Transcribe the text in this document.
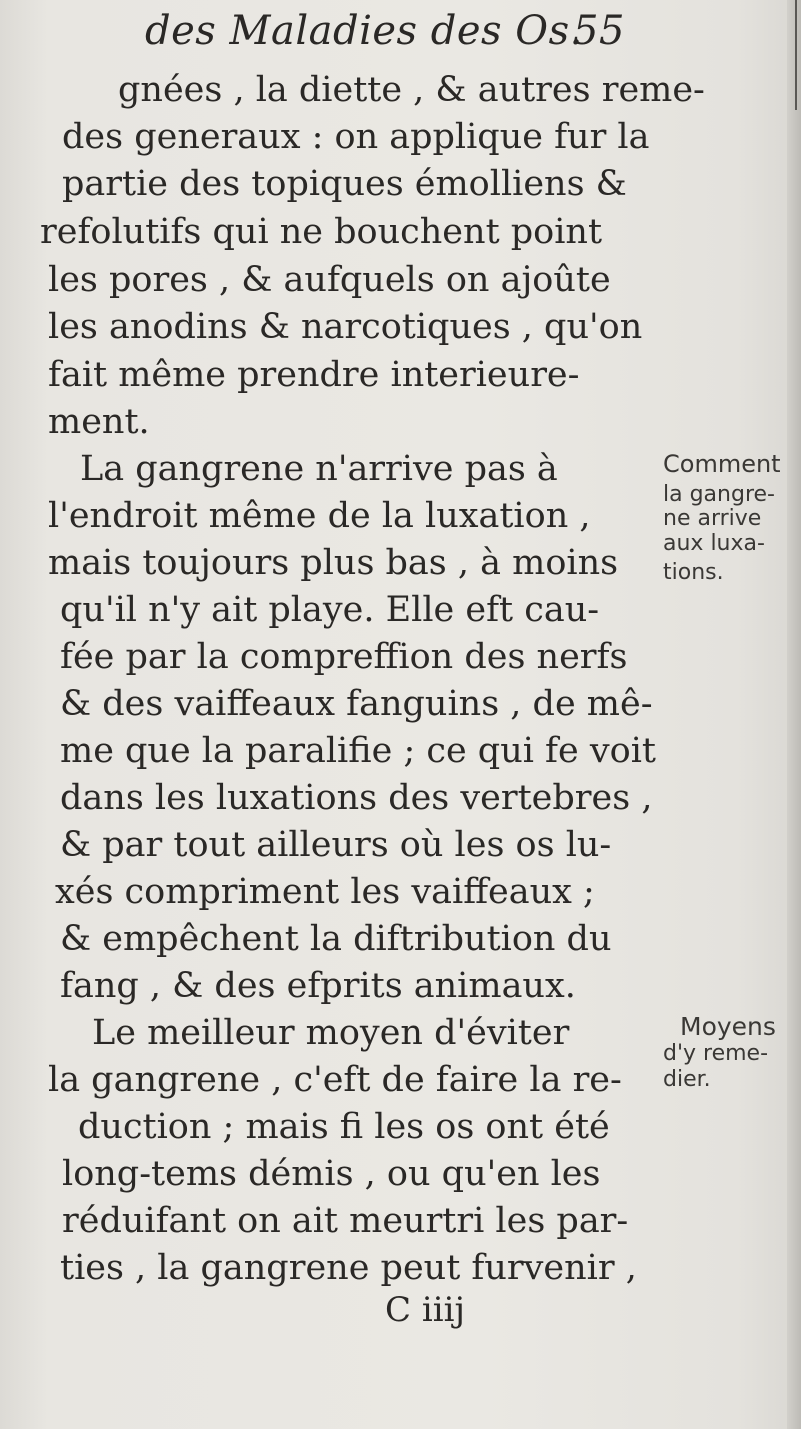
des Maladies des Os.
55
gnées , la diette , & autres reme-
des generaux : on applique fur la
partie des topiques émolliens &
refolutifs qui ne bouchent point
les pores , & aufquels on ajoûte
les anodins & narcotiques , qu'on
fait même prendre interieure-
ment.
La gangrene n'arrive pas à
l'endroit même de la luxation ,
mais toujours plus bas , à moins
qu'il n'y ait playe. Elle eft cau-
fée par la compreffion des nerfs
& des vaiffeaux fanguins , de mê-
me que la paralifie ; ce qui fe voit
dans les luxations des vertebres ,
& par tout ailleurs où les os lu-
xés compriment les vaiffeaux ;
& empêchent la diftribution du
fang , & des efprits animaux.
Le meilleur moyen d'éviter
la gangrene , c'eft de faire la re-
duction ; mais fi les os ont été
long-tems démis , ou qu'en les
réduifant on ait meurtri les par-
ties , la gangrene peut furvenir ,
Comment
la gangre-
ne arrive
aux luxa-
tions.
Moyens
d'y reme-
dier.
C iiij
